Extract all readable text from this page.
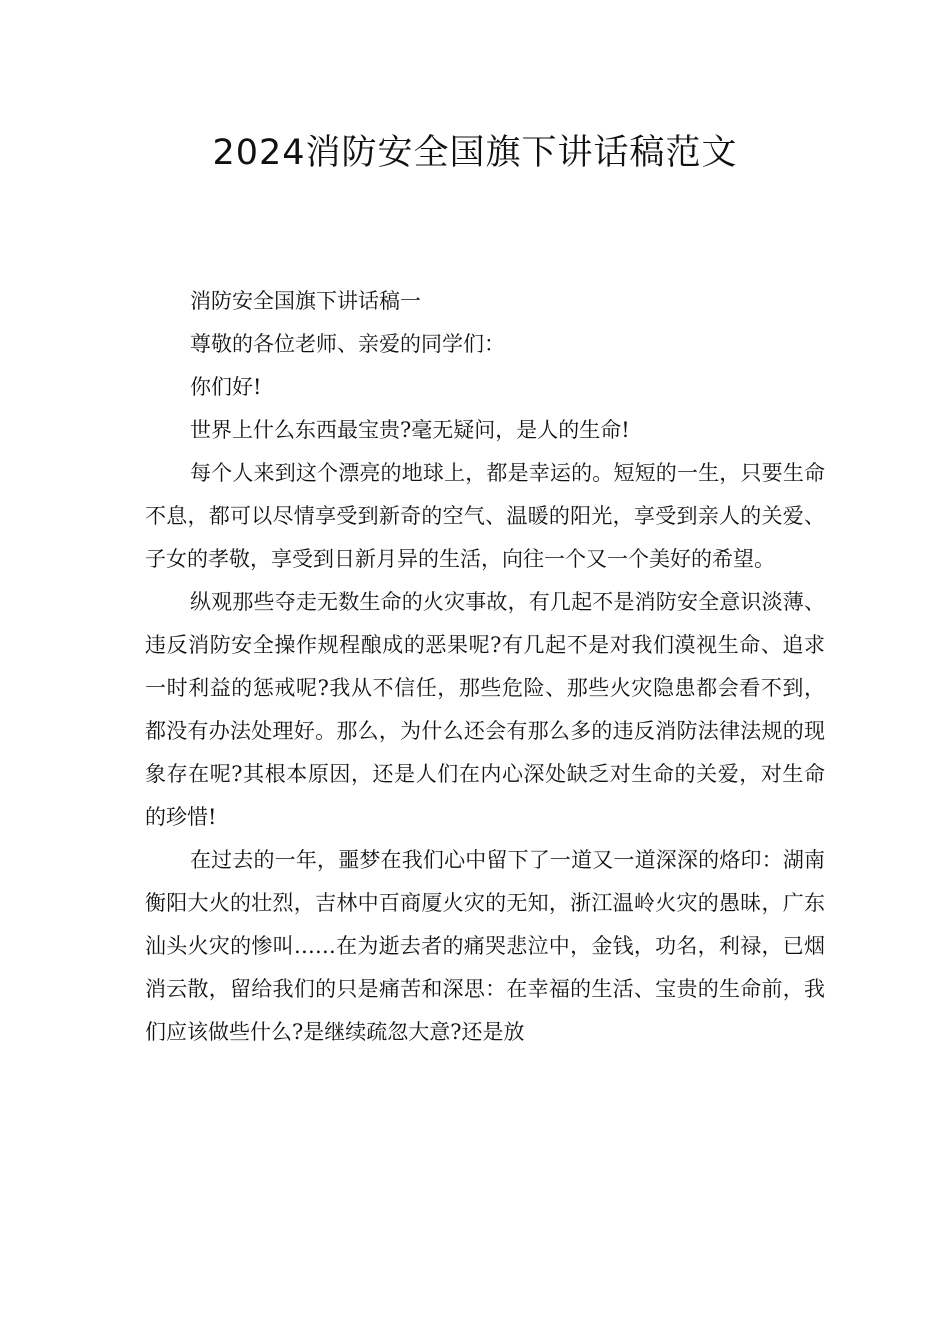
2024消防安全国旗下讲话稿范文

消防安全国旗下讲话稿一

尊敬的各位老师、亲爱的同学们：

你们好!

世界上什么东西最宝贵?毫无疑问，是人的生命!

每个人来到这个漂亮的地球上，都是幸运的。短短的一生，只要生命不息，都可以尽情享受到新奇的空气、温暖的阳光，享受到亲人的关爱、子女的孝敬，享受到日新月异的生活，向往一个又一个美好的希望。

纵观那些夺走无数生命的火灾事故，有几起不是消防安全意识淡薄、违反消防安全操作规程酿成的恶果呢?有几起不是对我们漠视生命、追求一时利益的惩戒呢?我从不信任，那些危险、那些火灾隐患都会看不到，都没有办法处理好。那么，为什么还会有那么多的违反消防法律法规的现象存在呢?其根本原因，还是人们在内心深处缺乏对生命的关爱，对生命的珍惜!

在过去的一年，噩梦在我们心中留下了一道又一道深深的烙印：湖南衡阳大火的壮烈，吉林中百商厦火灾的无知，浙江温岭火灾的愚昧，广东汕头火灾的惨叫……在为逝去者的痛哭悲泣中，金钱，功名，利禄，已烟消云散，留给我们的只是痛苦和深思：在幸福的生活、宝贵的生命前，我们应该做些什么?是继续疏忽大意?还是放
